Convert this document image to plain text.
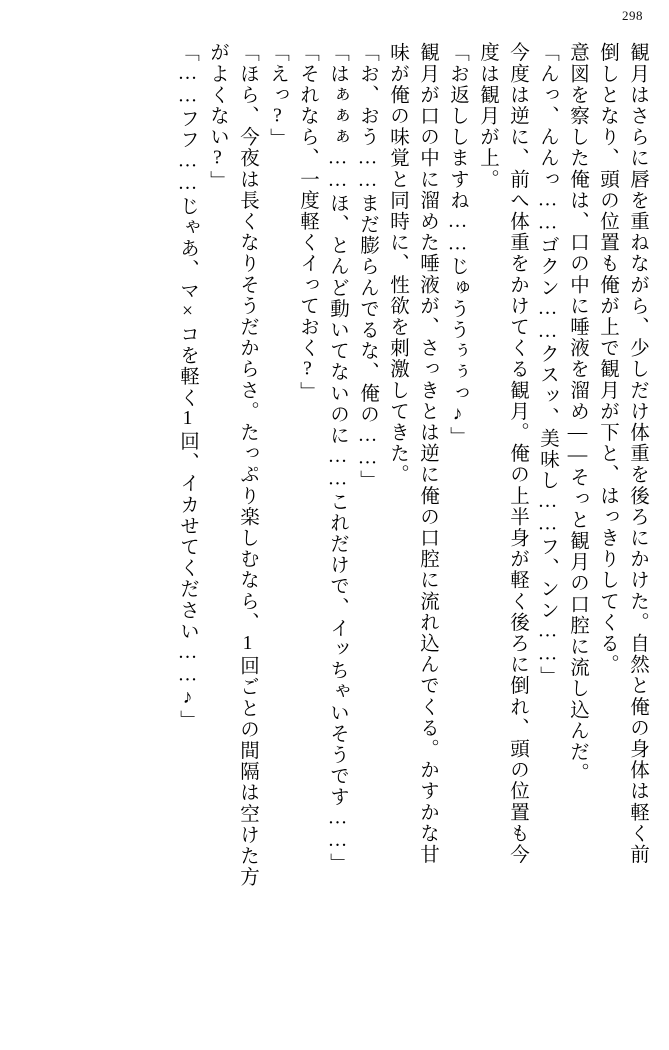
298
観月はさらに唇を重ねながら、少しだけ体重を後ろにかけた。自然と俺の身体は軽く前
倒しとなり、頭の位置も俺が上で観月が下と、はっきりしてくる。
意図を察した俺は、口の中に唾液を溜め――そっと観月の口腔に流し込んだ。
「んっ、んんっ……ゴクン……クスッ、美味し……フ、ンン……」
今度は逆に、前へ体重をかけてくる観月。俺の上半身が軽く後ろに倒れ、頭の位置も今
度は観月が上。
「お返ししますね……じゅううぅぅっ♪」
観月が口の中に溜めた唾液が、さっきとは逆に俺の口腔に流れ込んでくる。かすかな甘
味が俺の味覚と同時に、性欲を刺激してきた。
「お、おう……まだ膨らんでるな、俺の……」
「はぁぁぁ……ほ、とんど動いてないのに……これだけで、イッちゃいそうです……」
「それなら、一度軽くイっておく?」
「えっ?」
「ほら、今夜は長くなりそうだからさ。たっぷり楽しむなら、1回ごとの間隔は空けた方
がよくない?」
「……フフ……じゃあ、マ×コを軽く1回、イカせてください……♪」
